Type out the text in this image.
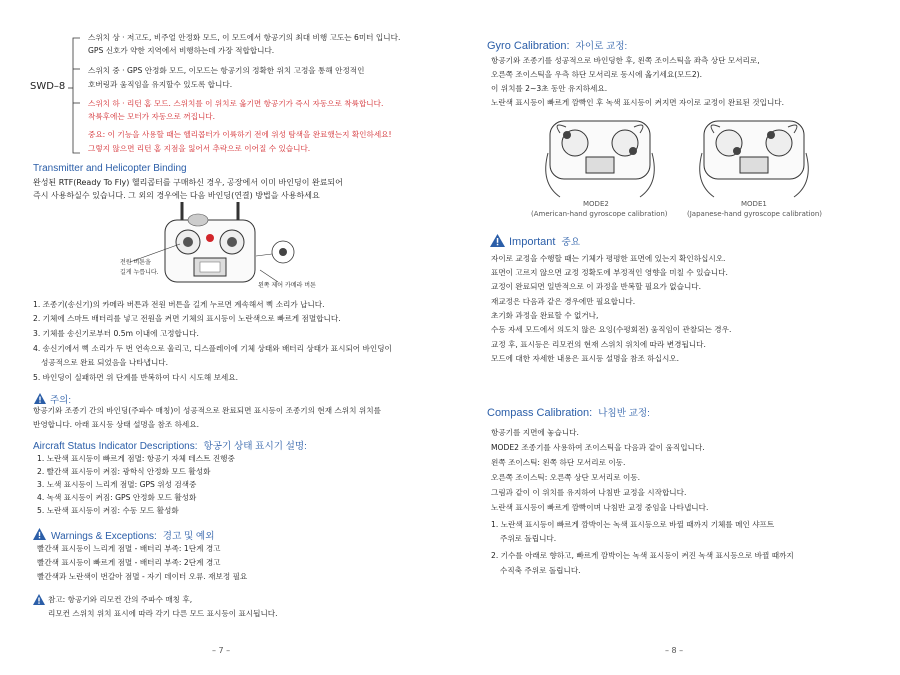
SWD–8
스위치 상 · 저고도, 비주얼 안정화 모드, 이 모드에서 항공기의 최대 비행 고도는 6미터 입니다.
GPS 신호가 약한 지역에서 비행하는데 가장 적합합니다.
스위치 중 · GPS 안정화 모드, 이모드는 항공기의 정확한 위치 고정을 통해 안정적인
호버링과 움직임을 유지할수 있도록 합니다.
스위치 하 · 리턴 홈 모드. 스위치를 이 위치로 옮기면 항공기가 즉시 자동으로 착륙합니다.
착륙후에는 모터가 자동으로 꺼집니다.
중요: 이 기능을 사용할 때는 헬리콥터가 이륙하기 전에 위성 탐색을 완료했는지 확인하세요!
그렇지 않으면 리턴 홈 지점을 잃어서 추락으로 이어질 수 있습니다.
Transmitter and Helicopter Binding
완성된 RTF(Ready To Fly) 헬리콥터를 구매하신 경우, 공장에서 이미 바인딩이 완료되어
즉시 사용하실수 있습니다. 그 외의 경우에는 다음 바인딩(연결) 방법을 사용하세요
전원 버튼을
길게 누릅니다.
왼쪽 제어 카메라 버튼
1. 조종기(송신기)의 카메라 버튼과 전원 버튼을 길게 누르면 계속해서 삑 소리가 납니다.
2. 기체에 스마트 배터리를 넣고 전원을 켜면 기체의 표시등이 노란색으로 빠르게 점멸합니다.
3. 기체를 송신기로부터 0.5m 이내에 고정합니다.
4. 송신기에서 삑 소리가 두 번 연속으로 울리고, 디스플레이에 기체 상태와 배터리 상태가 표시되어 바인딩이
성공적으로 완료 되었음을 나타냅니다.
5. 바인딩이 실패하면 위 단계를 반복하여 다시 시도해 보세요.
주의:
항공기와 조종기 간의 바인딩(주파수 매칭)이 성공적으로 완료되면 표시등이 조종기의 현재 스위치 위치를
반영합니다. 아래 표시등 상태 설명을 참조 하세요.
Aircraft Status Indicator Descriptions: 항공기 상태 표시기 설명:
1. 노란색 표시등이 빠르게 점멸: 항공기 자체 테스트 진행중
2. 빨간색 표시등이 켜짐: 광학식 안정화 모드 활성화
3. 노색 표시등이 느리게 점멸: GPS 위성 검색중
4. 녹색 표시등이 켜짐: GPS 안정화 모드 활성화
5. 노란색 표시등이 켜짐: 수동 모드 활성화
Warnings & Exceptions: 경고 및 예외
빨간색 표시등이 느리게 점멸 - 배터리 부족: 1단계 경고
빨간색 표시등이 빠르게 점멸 - 배터리 부족: 2단계 경고
빨간색과 노란색이 번갈아 점멸 - 자기 데이터 오류. 재보정 필요
참고: 항공기와 리모컨 간의 주파수 매칭 후,
리모컨 스위치 위치 표시에 따라 각기 다른 모드 표시등이 표시됩니다.
– 7 –
Gyro Calibration: 자이로 교정:
항공기와 조종기를 성공적으로 바인딩한 후, 왼쪽 조이스틱을 좌측 상단 모서리로,
오른쪽 조이스틱을 우측 하단 모서리로 동시에 옮기세요(모드2).
이 위치를 2~3초 동안 유지하세요.
노란색 표시등이 빠르게 깜빡인 후 녹색 표시등이 켜지면 자이로 교정이 완료된 것입니다.
MODE2
(American-hand gyroscope calibration)
MODE1
(Japanese-hand gyroscope calibration)
Important 중요
자이로 교정을 수행할 때는 기체가 평평한 표면에 있는지 확인하십시오.
표면이 고르지 않으면 교정 정확도에 부정적인 영향을 미칠 수 있습니다.
교정이 완료되면 일반적으로 이 과정을 반복할 필요가 없습니다.
재교정은 다음과 같은 경우에만 필요합니다.
초기화 과정을 완료할 수 없거나,
수동 자세 모드에서 의도치 않은 요잉(수평회전) 움직임이 관찰되는 경우.
교정 후, 표시등은 리모컨의 현재 스위치 위치에 따라 변경됩니다.
모드에 대한 자세한 내용은 표시등 설명을 참조 하십시오.
Compass Calibration: 나침반 교정:
항공기를 지면에 놓습니다.
MODE2 조종기를 사용하여 조이스틱을 다음과 같이 움직입니다.
왼쪽 조이스틱: 왼쪽 하단 모서리로 이동.
오른쪽 조이스틱: 오른쪽 상단 모서리로 이동.
그림과 같이 이 위치를 유지하여 나침반 교정을 시작합니다.
노란색 표시등이 빠르게 깜빡이며 나침반 교정 중임을 나타냅니다.
1. 노란색 표시등이 빠르게 깜박이는 녹색 표시등으로 바뀔 때까지 기체를 메인 샤프트
주위로 돌립니다.
2. 기수를 아래로 향하고, 빠르게 깜박이는 녹색 표시등이 켜진 녹색 표시등으로 바뀔 때까지
수직축 주위로 돌립니다.
– 8 –
